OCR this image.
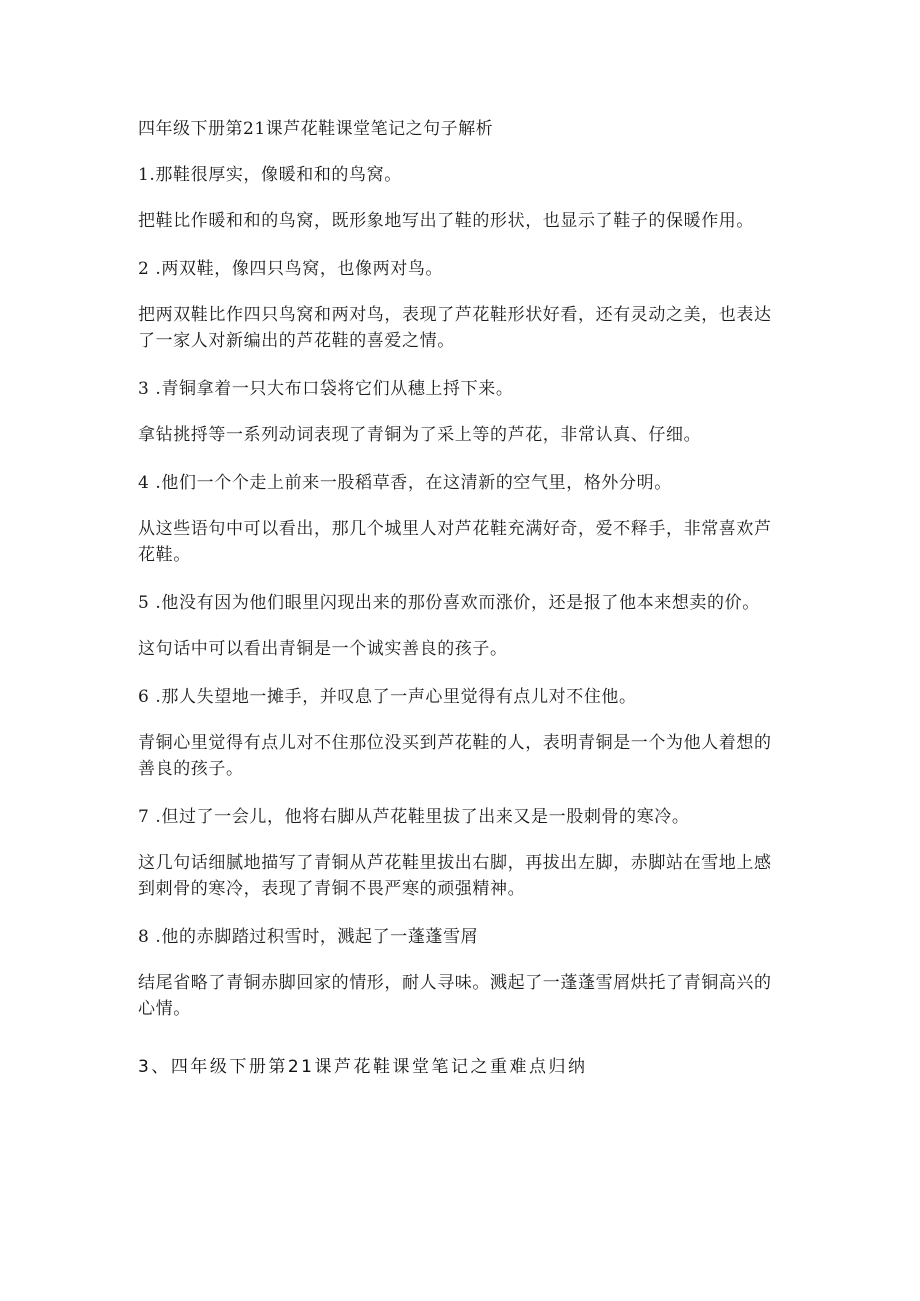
四年级下册第21课芦花鞋课堂笔记之句子解析

1.那鞋很厚实，像暖和和的鸟窝。

把鞋比作暖和和的鸟窝，既形象地写出了鞋的形状，也显示了鞋子的保暖作用。

2 .两双鞋，像四只鸟窝，也像两对鸟。

把两双鞋比作四只鸟窝和两对鸟，表现了芦花鞋形状好看，还有灵动之美，也表达了一家人对新编出的芦花鞋的喜爱之情。

3 .青铜拿着一只大布口袋将它们从穗上捋下来。

拿钻挑捋等一系列动词表现了青铜为了采上等的芦花，非常认真、仔细。

4 .他们一个个走上前来一股稻草香，在这清新的空气里，格外分明。

从这些语句中可以看出，那几个城里人对芦花鞋充满好奇，爱不释手，非常喜欢芦花鞋。

5 .他没有因为他们眼里闪现出来的那份喜欢而涨价，还是报了他本来想卖的价。

这句话中可以看出青铜是一个诚实善良的孩子。

6 .那人失望地一摊手，并叹息了一声心里觉得有点儿对不住他。

青铜心里觉得有点儿对不住那位没买到芦花鞋的人，表明青铜是一个为他人着想的善良的孩子。

7 .但过了一会儿，他将右脚从芦花鞋里拔了出来又是一股刺骨的寒冷。

这几句话细腻地描写了青铜从芦花鞋里拔出右脚，再拔出左脚，赤脚站在雪地上感到刺骨的寒冷，表现了青铜不畏严寒的顽强精神。

8 .他的赤脚踏过积雪时，溅起了一蓬蓬雪屑

结尾省略了青铜赤脚回家的情形，耐人寻味。溅起了一蓬蓬雪屑烘托了青铜高兴的心情。

3、四年级下册第21课芦花鞋课堂笔记之重难点归纳
